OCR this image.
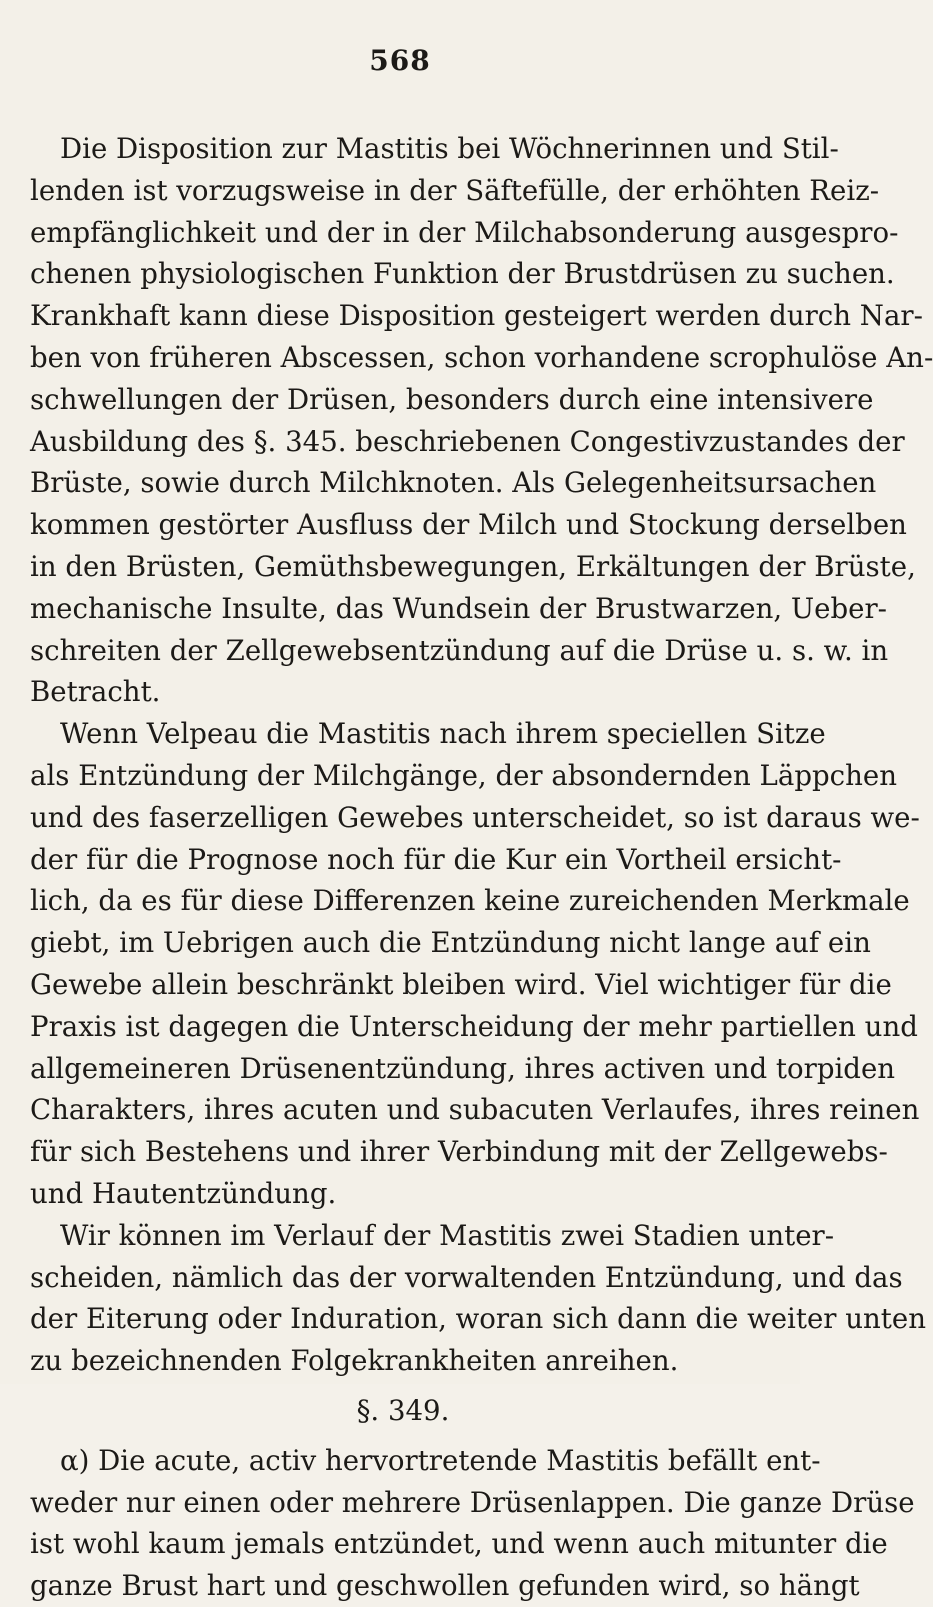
568
Die Disposition zur Mastitis bei Wöchnerinnen und Stil-
lenden ist vorzugsweise in der Säftefülle, der erhöhten Reiz-
empfänglichkeit und der in der Milchabsonderung ausgespro-
chenen physiologischen Funktion der Brustdrüsen zu suchen.
Krankhaft kann diese Disposition gesteigert werden durch Nar-
ben von früheren Abscessen, schon vorhandene scrophulöse An-
schwellungen der Drüsen, besonders durch eine intensivere
Ausbildung des §. 345. beschriebenen Congestivzustandes der
Brüste, sowie durch Milchknoten. Als Gelegenheitsursachen
kommen gestörter Ausfluss der Milch und Stockung derselben
in den Brüsten, Gemüthsbewegungen, Erkältungen der Brüste,
mechanische Insulte, das Wundsein der Brustwarzen, Ueber-
schreiten der Zellgewebsentzündung auf die Drüse u. s. w. in
Betracht.
Wenn Velpeau die Mastitis nach ihrem speciellen Sitze
als Entzündung der Milchgänge, der absondernden Läppchen
und des faserzelligen Gewebes unterscheidet, so ist daraus we-
der für die Prognose noch für die Kur ein Vortheil ersicht-
lich, da es für diese Differenzen keine zureichenden Merkmale
giebt, im Uebrigen auch die Entzündung nicht lange auf ein
Gewebe allein beschränkt bleiben wird. Viel wichtiger für die
Praxis ist dagegen die Unterscheidung der mehr partiellen und
allgemeineren Drüsenentzündung, ihres activen und torpiden
Charakters, ihres acuten und subacuten Verlaufes, ihres reinen
für sich Bestehens und ihrer Verbindung mit der Zellgewebs-
und Hautentzündung.
Wir können im Verlauf der Mastitis zwei Stadien unter-
scheiden, nämlich das der vorwaltenden Entzündung, und das
der Eiterung oder Induration, woran sich dann die weiter unten
zu bezeichnenden Folgekrankheiten anreihen.
§. 349.
α) Die acute, activ hervortretende Mastitis befällt ent-
weder nur einen oder mehrere Drüsenlappen. Die ganze Drüse
ist wohl kaum jemals entzündet, und wenn auch mitunter die
ganze Brust hart und geschwollen gefunden wird, so hängt
